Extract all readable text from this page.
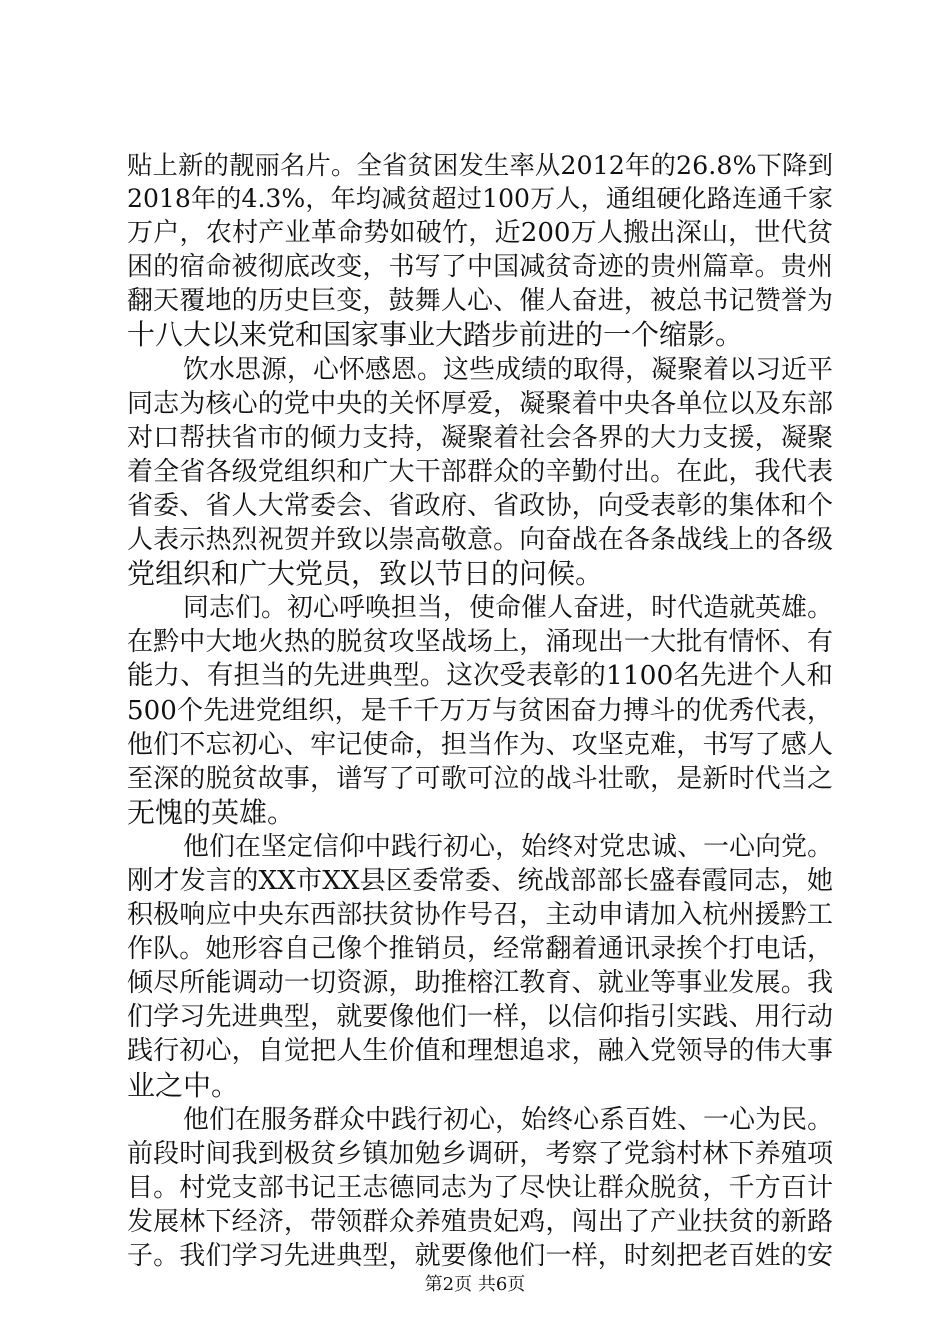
贴上新的靓丽名片。全省贫困发生率从2012年的26.8%下降到
2018年的4.3%，年均减贫超过100万人，通组硬化路连通千家
万户，农村产业革命势如破竹，近200万人搬出深山，世代贫
困的宿命被彻底改变，书写了中国减贫奇迹的贵州篇章。贵州
翻天覆地的历史巨变，鼓舞人心、催人奋进，被总书记赞誉为
十八大以来党和国家事业大踏步前进的一个缩影。
饮水思源，心怀感恩。这些成绩的取得，凝聚着以习近平
同志为核心的党中央的关怀厚爱，凝聚着中央各单位以及东部
对口帮扶省市的倾力支持，凝聚着社会各界的大力支援，凝聚
着全省各级党组织和广大干部群众的辛勤付出。在此，我代表
省委、省人大常委会、省政府、省政协，向受表彰的集体和个
人表示热烈祝贺并致以崇高敬意。向奋战在各条战线上的各级
党组织和广大党员，致以节日的问候。
同志们。初心呼唤担当，使命催人奋进，时代造就英雄。
在黔中大地火热的脱贫攻坚战场上，涌现出一大批有情怀、有
能力、有担当的先进典型。这次受表彰的1100名先进个人和
500个先进党组织，是千千万万与贫困奋力搏斗的优秀代表，
他们不忘初心、牢记使命，担当作为、攻坚克难，书写了感人
至深的脱贫故事，谱写了可歌可泣的战斗壮歌，是新时代当之
无愧的英雄。
他们在坚定信仰中践行初心，始终对党忠诚、一心向党。
刚才发言的XX市XX县区委常委、统战部部长盛春霞同志，她
积极响应中央东西部扶贫协作号召，主动申请加入杭州援黔工
作队。她形容自己像个推销员，经常翻着通讯录挨个打电话，
倾尽所能调动一切资源，助推榕江教育、就业等事业发展。我
们学习先进典型，就要像他们一样，以信仰指引实践、用行动
践行初心，自觉把人生价值和理想追求，融入党领导的伟大事
业之中。
他们在服务群众中践行初心，始终心系百姓、一心为民。
前段时间我到极贫乡镇加勉乡调研，考察了党翁村林下养殖项
目。村党支部书记王志德同志为了尽快让群众脱贫，千方百计
发展林下经济，带领群众养殖贵妃鸡，闯出了产业扶贫的新路
子。我们学习先进典型，就要像他们一样，时刻把老百姓的安
第2页 共6页
